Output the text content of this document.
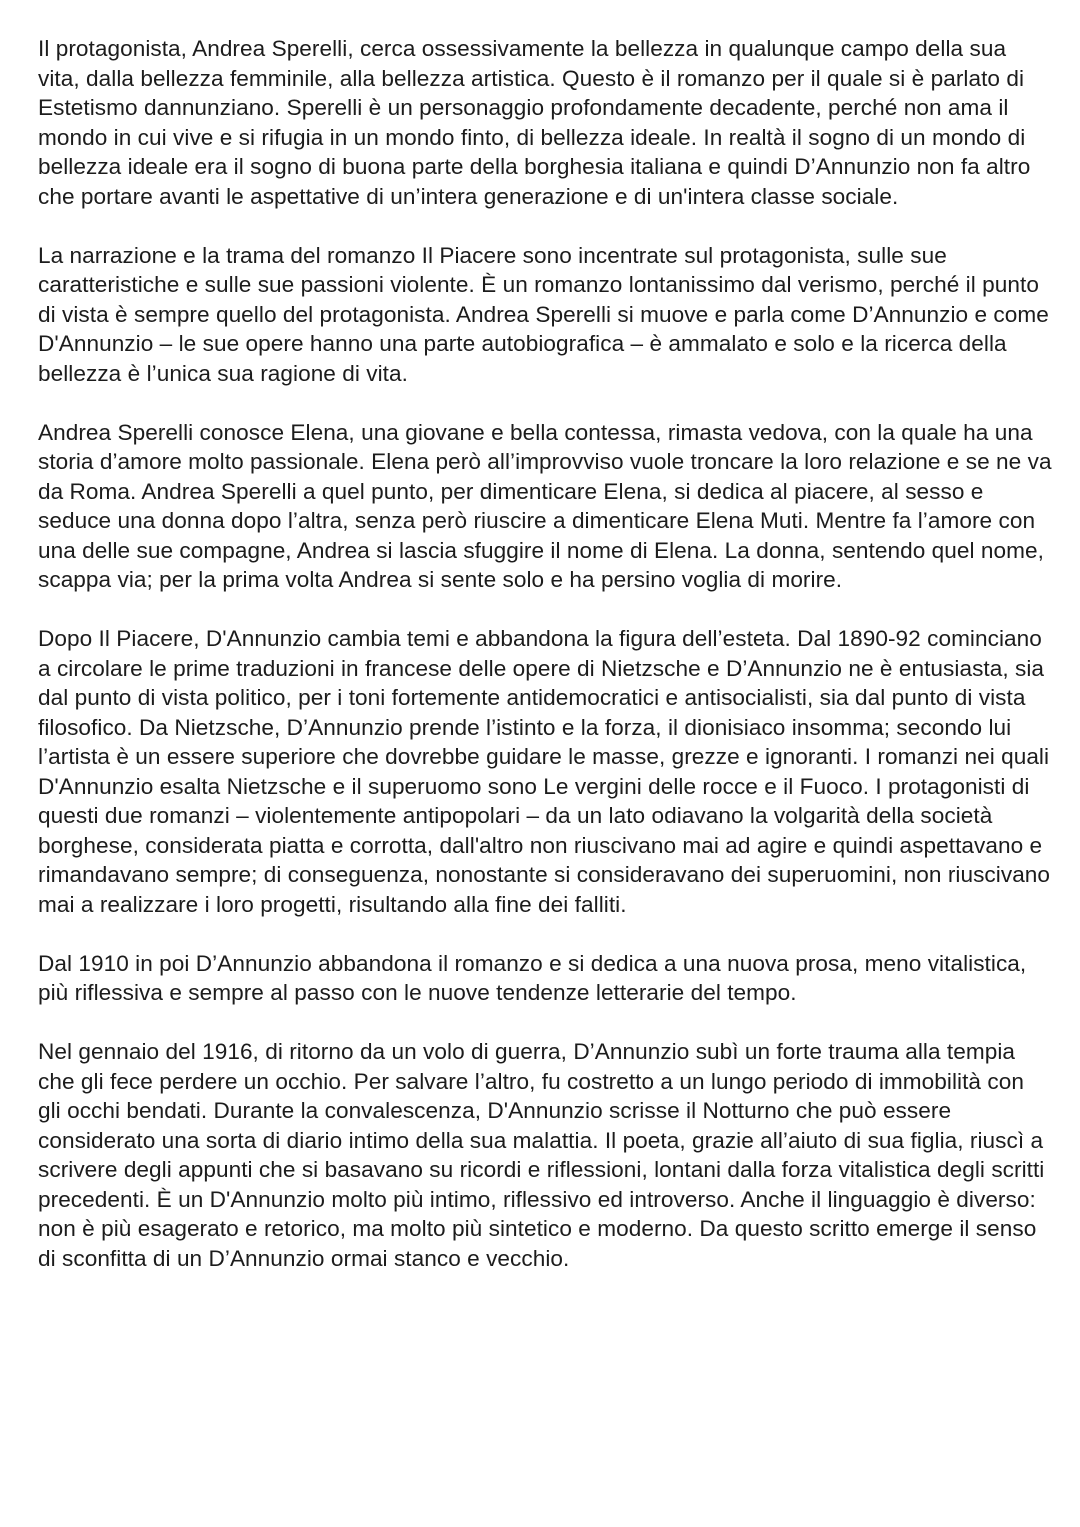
Il protagonista, Andrea Sperelli, cerca ossessivamente la bellezza in qualunque campo della sua vita, dalla bellezza femminile, alla bellezza artistica. Questo è il romanzo per il quale si è parlato di Estetismo dannunziano. Sperelli è un personaggio profondamente decadente, perché non ama il mondo in cui vive e si rifugia in un mondo finto, di bellezza ideale. In realtà il sogno di un mondo di bellezza ideale era il sogno di buona parte della borghesia italiana e quindi D’Annunzio non fa altro che portare avanti le aspettative di un’intera generazione e di un'intera classe sociale.

La narrazione e la trama del romanzo Il Piacere sono incentrate sul protagonista, sulle sue caratteristiche e sulle sue passioni violente. È un romanzo lontanissimo dal verismo, perché il punto di vista è sempre quello del protagonista. Andrea Sperelli si muove e parla come D’Annunzio e come D'Annunzio – le sue opere hanno una parte autobiografica – è ammalato e solo e la ricerca della bellezza è l’unica sua ragione di vita.

Andrea Sperelli conosce Elena, una giovane e bella contessa, rimasta vedova, con la quale ha una storia d’amore molto passionale. Elena però all’improvviso vuole troncare la loro relazione e se ne va da Roma. Andrea Sperelli a quel punto, per dimenticare Elena, si dedica al piacere, al sesso e seduce una donna dopo l’altra, senza però riuscire a dimenticare Elena Muti. Mentre fa l’amore con una delle sue compagne, Andrea si lascia sfuggire il nome di Elena. La donna, sentendo quel nome, scappa via; per la prima volta Andrea si sente solo e ha persino voglia di morire.

Dopo Il Piacere, D'Annunzio cambia temi e abbandona la figura dell’esteta. Dal 1890-92 cominciano a circolare le prime traduzioni in francese delle opere di Nietzsche e D’Annunzio ne è entusiasta, sia dal punto di vista politico, per i toni fortemente antidemocratici e antisocialisti, sia dal punto di vista filosofico. Da Nietzsche, D’Annunzio prende l’istinto e la forza, il dionisiaco insomma; secondo lui l’artista è un essere superiore che dovrebbe guidare le masse, grezze e ignoranti. I romanzi nei quali D'Annunzio esalta Nietzsche e il superuomo sono Le vergini delle rocce e il Fuoco. I protagonisti di questi due romanzi – violentemente antipopolari – da un lato odiavano la volgarità della società borghese, considerata piatta e corrotta, dall'altro non riuscivano mai ad agire e quindi aspettavano e rimandavano sempre; di conseguenza, nonostante si consideravano dei superuomini, non riuscivano mai a realizzare i loro progetti, risultando alla fine dei falliti.

Dal 1910 in poi D’Annunzio abbandona il romanzo e si dedica a una nuova prosa, meno vitalistica, più riflessiva e sempre al passo con le nuove tendenze letterarie del tempo.

Nel gennaio del 1916, di ritorno da un volo di guerra, D’Annunzio subì un forte trauma alla tempia che gli fece perdere un occhio. Per salvare l’altro, fu costretto a un lungo periodo di immobilità con gli occhi bendati. Durante la convalescenza, D'Annunzio scrisse il Notturno che può essere considerato una sorta di diario intimo della sua malattia. Il poeta, grazie all’aiuto di sua figlia, riuscì a scrivere degli appunti che si basavano su ricordi e riflessioni, lontani dalla forza vitalistica degli scritti precedenti. È un D'Annunzio molto più intimo, riflessivo ed introverso. Anche il linguaggio è diverso: non è più esagerato e retorico, ma molto più sintetico e moderno. Da questo scritto emerge il senso di sconfitta di un D’Annunzio ormai stanco e vecchio.
